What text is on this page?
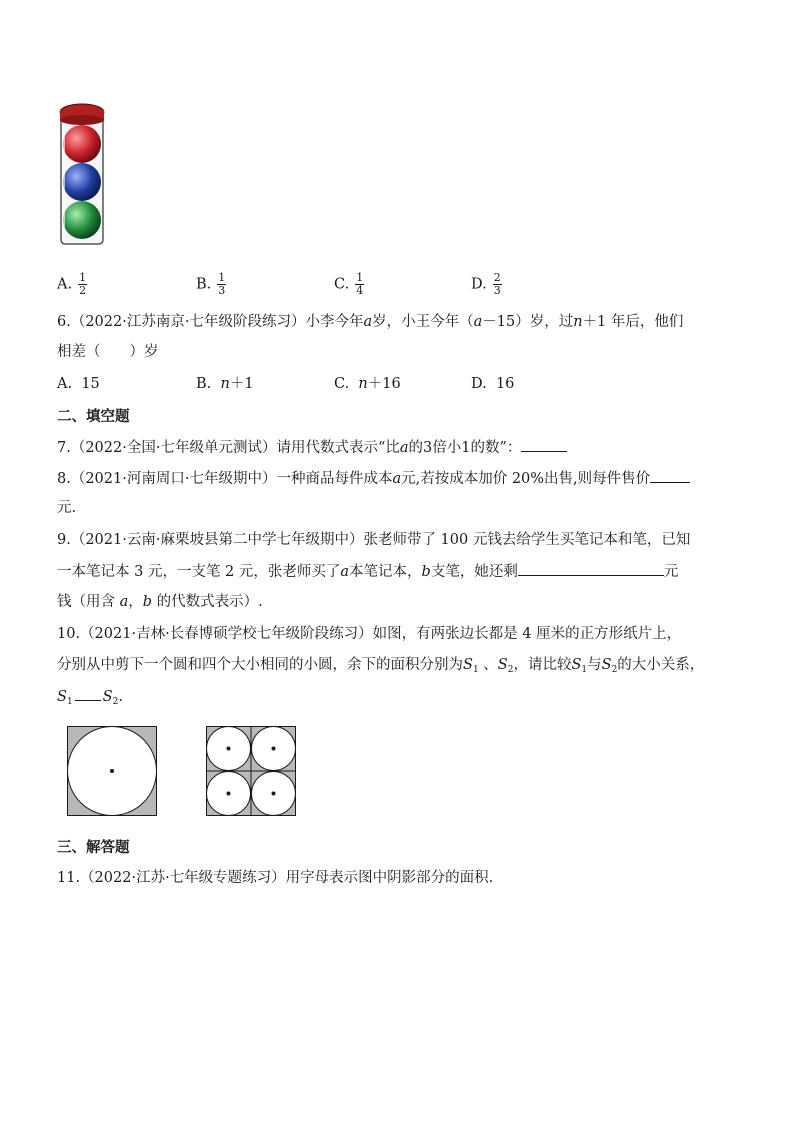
A. $\frac{1}{2}$	B. $\frac{1}{3}$	C. $\frac{1}{4}$	D. $\frac{2}{3}$
6.（2022·江苏南京·七年级阶段练习）小李今年a岁，小王今年（a－15）岁，过n＋1 年后，他们
相差（　　）岁
A. 15	B. n＋1	C. n＋16	D. 16
二、填空题
7.（2022·全国·七年级单元测试）请用代数式表示“比a的3倍小1的数”：
8.（2021·河南周口·七年级期中）一种商品每件成本a元,若按成本加价 20%出售,则每件售价
元.
9.（2021·云南·麻栗坡县第二中学七年级期中）张老师带了 100 元钱去给学生买笔记本和笔，已知
一本笔记本 3 元，一支笔 2 元，张老师买了a本笔记本，b支笔，她还剩	元
钱（用含 a，b 的代数式表示）.
10.（2021·吉林·长春博硕学校七年级阶段练习）如图，有两张边长都是 4 厘米的正方形纸片上，
分别从中剪下一个圆和四个大小相同的小圆，余下的面积分别为$S_1$ 、$S_2$，请比较$S_1$与$S_2$的大小关系，
$S_1$ $S_2$.
三、解答题
11.（2022·江苏·七年级专题练习）用字母表示图中阴影部分的面积.
